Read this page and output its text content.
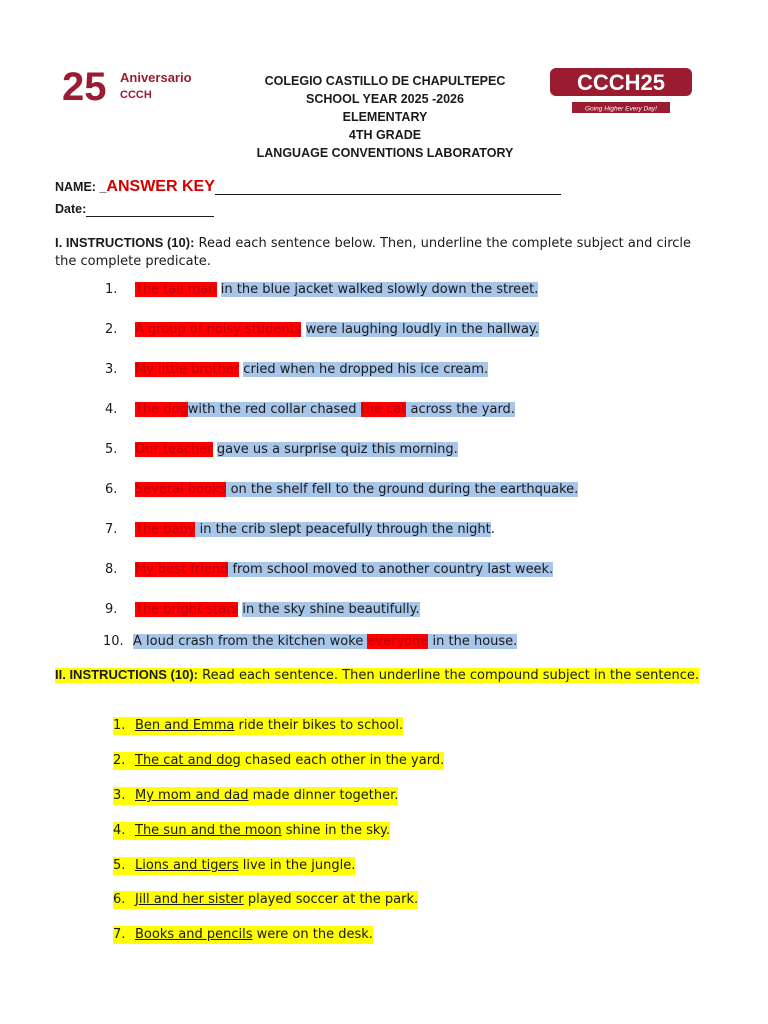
25 Aniversario
CCCH	CCCH25
Going Higher Every Day!
COLEGIO CASTILLO DE CHAPULTEPEC
SCHOOL YEAR 2025 -2026
ELEMENTARY
4TH GRADE
LANGUAGE CONVENTIONS LABORATORY
NAME: _ANSWER KEY
Date:
I. INSTRUCTIONS (10): Read each sentence below. Then, underline the complete subject and circle the complete predicate.
1. The tall man in the blue jacket walked slowly down the street.
2. A group of noisy students were laughing loudly in the hallway.
3. My little brother cried when he dropped his ice cream.
4. The dogwith the red collar chased the cat across the yard.
5. Our teacher gave us a surprise quiz this morning.
6. Several books on the shelf fell to the ground during the earthquake.
7. The baby in the crib slept peacefully through the night.
8. My best friend from school moved to another country last week.
9. The bright stars in the sky shine beautifully.
10. A loud crash from the kitchen woke everyone in the house.
II. INSTRUCTIONS (10): Read each sentence. Then underline the compound subject in the sentence.
1. Ben and Emma ride their bikes to school.
2. The cat and dog chased each other in the yard.
3. My mom and dad made dinner together.
4. The sun and the moon shine in the sky.
5. Lions and tigers live in the jungle.
6. Jill and her sister played soccer at the park.
7. Books and pencils were on the desk.
